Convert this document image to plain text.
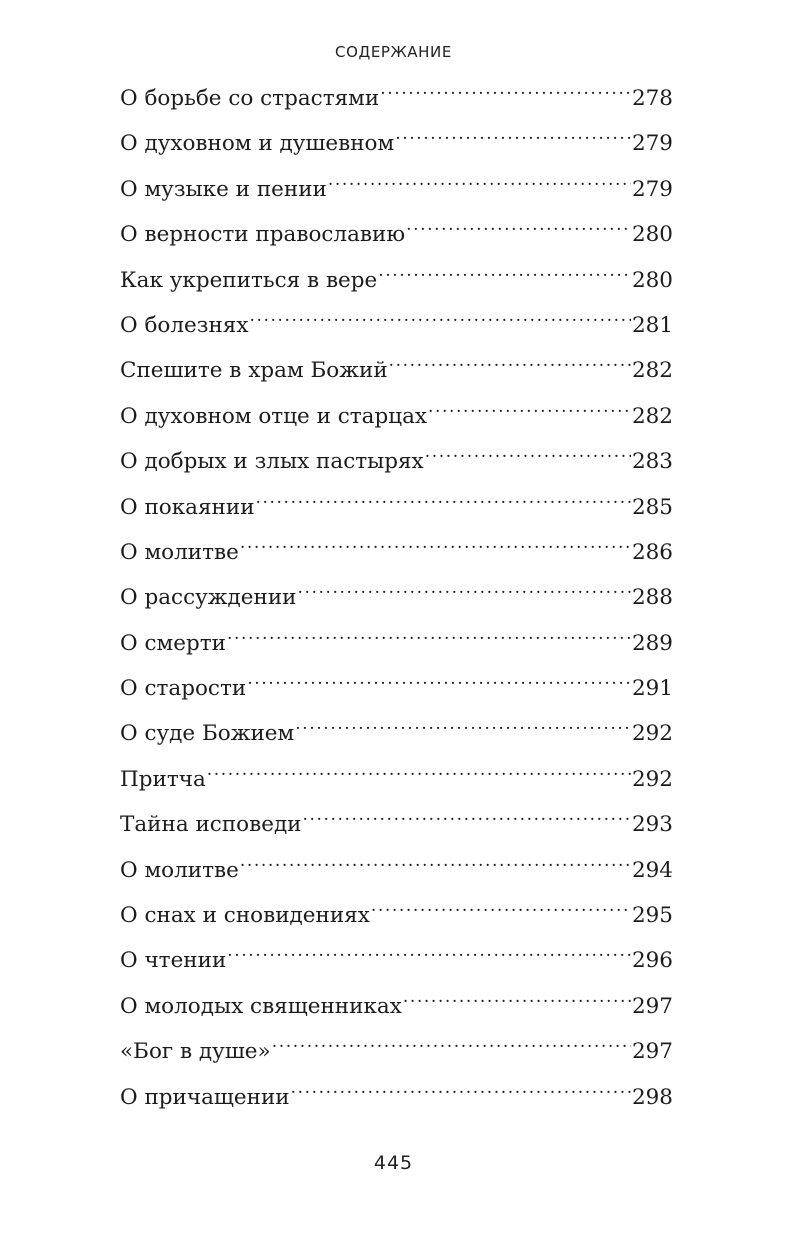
СОДЕРЖАНИЕ
О борьбе со страстями .....	278
О духовном и душевном .....	279
О музыке и пении .....	279
О верности православию .....	280
Как укрепиться в вере .....	280
О болезнях .....	281
Спешите в храм Божий .....	282
О духовном отце и старцах .....	282
О добрых и злых пастырях .....	283
О покаянии .....	285
О молитве .....	286
О рассуждении .....	288
О смерти .....	289
О старости .....	291
О суде Божием .....	292
Притча .....	292
Тайна исповеди .....	293
О молитве .....	294
О снах и сновидениях .....	295
О чтении .....	296
О молодых священниках .....	297
«Бог в душе» .....	297
О причащении .....	298
445
